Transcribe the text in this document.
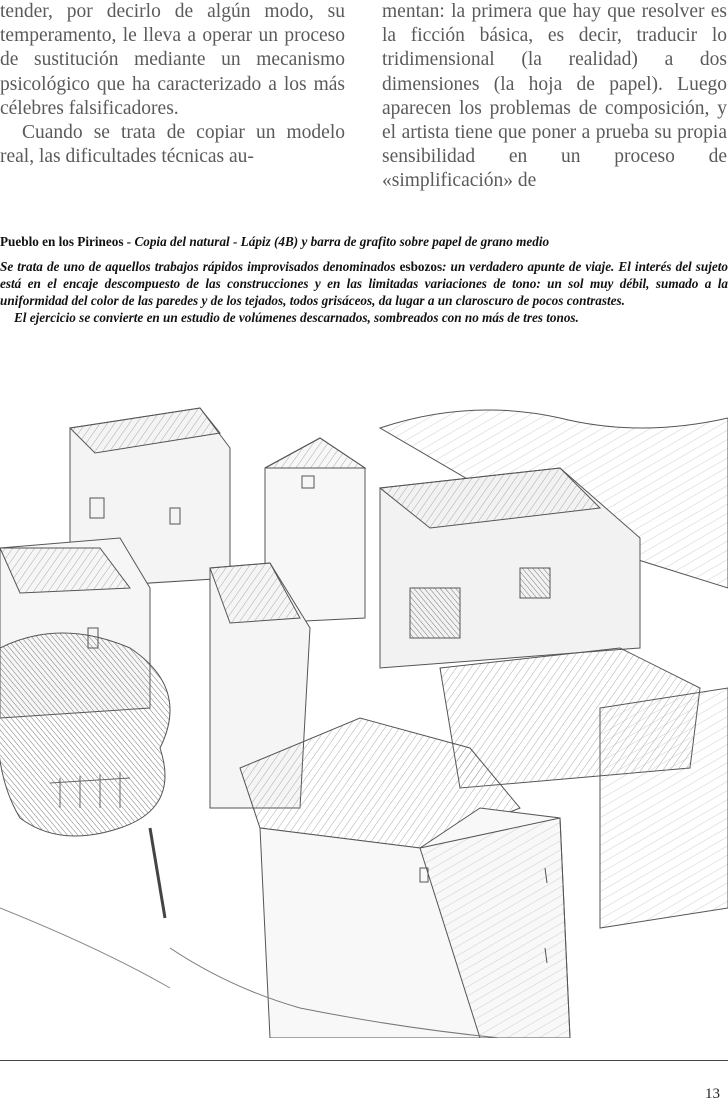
tender, por decirlo de algún modo, su temperamento, le lleva a operar un proceso de sustitución mediante un mecanismo psicológico que ha caracterizado a los más célebres falsificadores.

Cuando se trata de copiar un modelo real, las dificultades técnicas au-

mentan: la primera que hay que resolver es la ficción básica, es decir, traducir lo tridimensional (la realidad) a dos dimensiones (la hoja de papel). Luego aparecen los problemas de composición, y el artista tiene que poner a prueba su propia sensibilidad en un proceso de «simplificación» de

Pueblo en los Pirineos - Copia del natural - Lápiz (4B) y barra de grafito sobre papel de grano medio

Se trata de uno de aquellos trabajos rápidos improvisados denominados esbozos: un verdadero apunte de viaje. El interés del sujeto está en el encaje descompuesto de las construcciones y en las limitadas variaciones de tono: un sol muy débil, sumado a la uniformidad del color de las paredes y de los tejados, todos grisáceos, da lugar a un claroscuro de pocos contrastes.

El ejercicio se convierte en un estudio de volúmenes descarnados, sombreados con no más de tres tonos.

13
